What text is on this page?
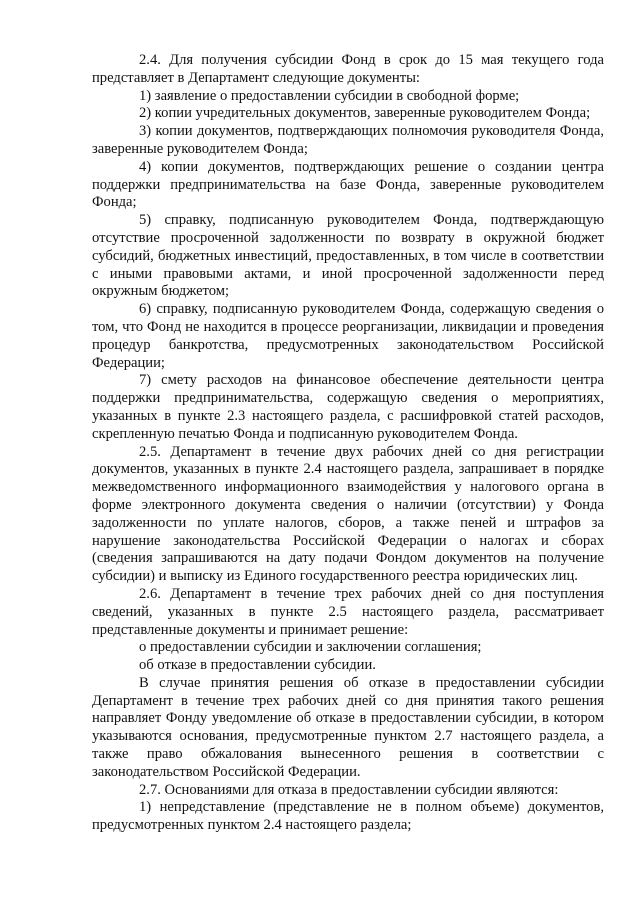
2.4. Для получения субсидии Фонд в срок до 15 мая текущего года представляет в Департамент следующие документы:

1) заявление о предоставлении субсидии в свободной форме;

2) копии учредительных документов, заверенные руководителем Фонда;

3) копии документов, подтверждающих полномочия руководителя Фонда, заверенные руководителем Фонда;

4) копии документов, подтверждающих решение о создании центра поддержки предпринимательства на базе Фонда, заверенные руководителем Фонда;

5) справку, подписанную руководителем Фонда, подтверждающую отсутствие просроченной задолженности по возврату в окружной бюджет субсидий, бюджетных инвестиций, предоставленных, в том числе в соответствии с иными правовыми актами, и иной просроченной задолженности перед окружным бюджетом;

6) справку, подписанную руководителем Фонда, содержащую сведения о том, что Фонд не находится в процессе реорганизации, ликвидации и проведения процедур банкротства, предусмотренных законодательством Российской Федерации;

7) смету расходов на финансовое обеспечение деятельности центра поддержки предпринимательства, содержащую сведения о мероприятиях, указанных в пункте 2.3 настоящего раздела, с расшифровкой статей расходов, скрепленную печатью Фонда и подписанную руководителем Фонда.

2.5. Департамент в течение двух рабочих дней со дня регистрации документов, указанных в пункте 2.4 настоящего раздела, запрашивает в порядке межведомственного информационного взаимодействия у налогового органа в форме электронного документа сведения о наличии (отсутствии) у Фонда задолженности по уплате налогов, сборов, а также пеней и штрафов за нарушение законодательства Российской Федерации о налогах и сборах (сведения запрашиваются на дату подачи Фондом документов на получение субсидии) и выписку из Единого государственного реестра юридических лиц.

2.6. Департамент в течение трех рабочих дней со дня поступления сведений, указанных в пункте 2.5 настоящего раздела, рассматривает представленные документы и принимает решение:

о предоставлении субсидии и заключении соглашения;

об отказе в предоставлении субсидии.

В случае принятия решения об отказе в предоставлении субсидии Департамент в течение трех рабочих дней со дня принятия такого решения направляет Фонду уведомление об отказе в предоставлении субсидии, в котором указываются основания, предусмотренные пунктом 2.7 настоящего раздела, а также право обжалования вынесенного решения в соответствии с законодательством Российской Федерации.

2.7. Основаниями для отказа в предоставлении субсидии являются:

1) непредставление (представление не в полном объеме) документов, предусмотренных пунктом 2.4 настоящего раздела;
